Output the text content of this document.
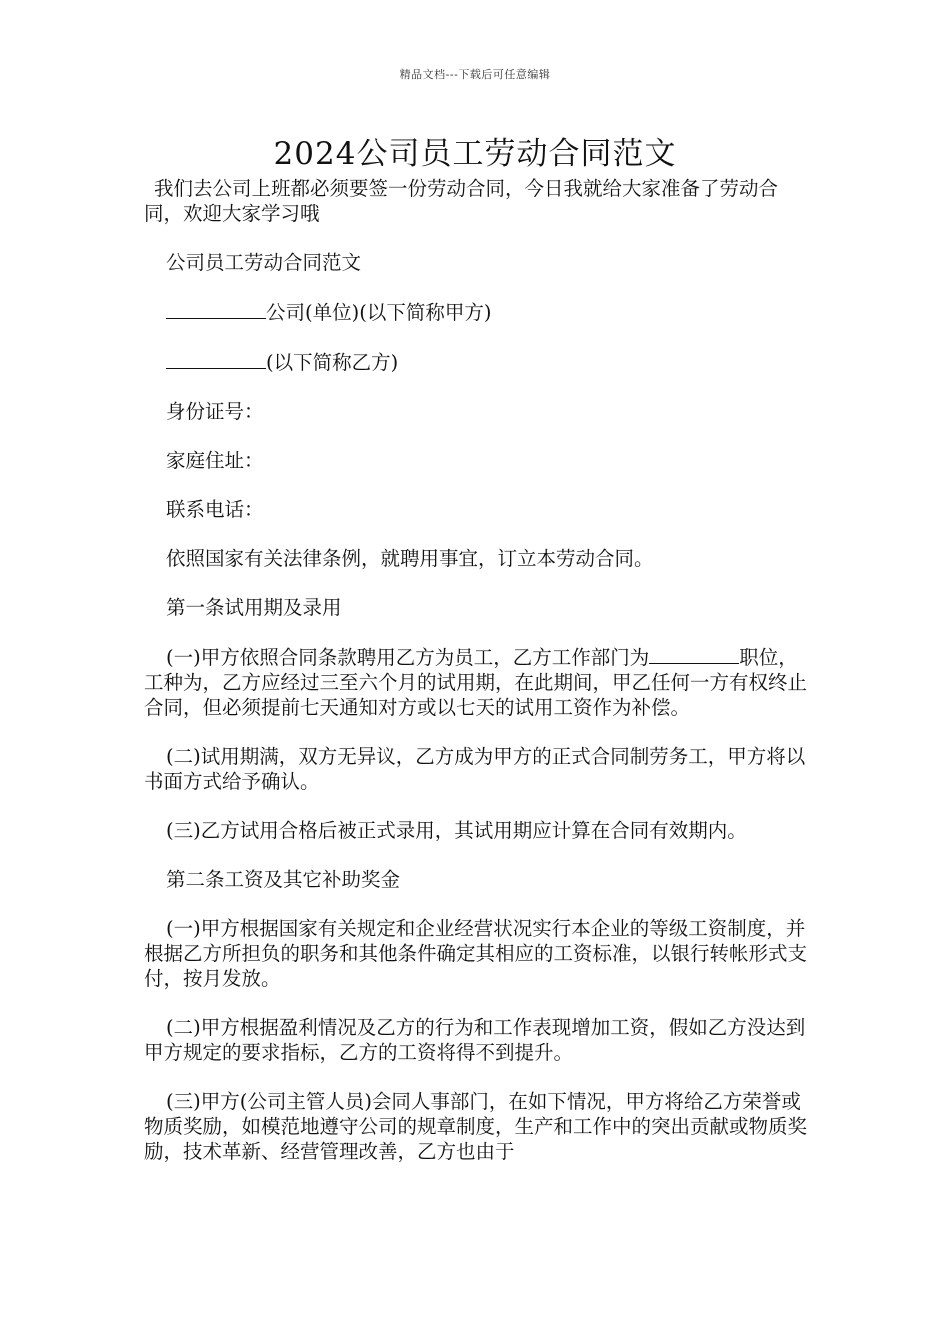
精品文档---下载后可任意编辑
2024公司员工劳动合同范文

我们去公司上班都必须要签一份劳动合同，今日我就给大家准备了劳动合同，欢迎大家学习哦

公司员工劳动合同范文

公司(单位)(以下简称甲方)

(以下简称乙方)

身份证号：

家庭住址：

联系电话：

依照国家有关法律条例，就聘用事宜，订立本劳动合同。

第一条试用期及录用

(一)甲方依照合同条款聘用乙方为员工，乙方工作部门为	职位，工种为，乙方应经过三至六个月的试用期，在此期间，甲乙任何一方有权终止合同，但必须提前七天通知对方或以七天的试用工资作为补偿。

(二)试用期满，双方无异议，乙方成为甲方的正式合同制劳务工，甲方将以书面方式给予确认。

(三)乙方试用合格后被正式录用，其试用期应计算在合同有效期内。

第二条工资及其它补助奖金

(一)甲方根据国家有关规定和企业经营状况实行本企业的等级工资制度，并根据乙方所担负的职务和其他条件确定其相应的工资标准，以银行转帐形式支付，按月发放。

(二)甲方根据盈利情况及乙方的行为和工作表现增加工资，假如乙方没达到甲方规定的要求指标，乙方的工资将得不到提升。

(三)甲方(公司主管人员)会同人事部门，在如下情况，甲方将给乙方荣誉或物质奖励，如模范地遵守公司的规章制度，生产和工作中的突出贡献或物质奖励，技术革新、经营管理改善，乙方也由于
